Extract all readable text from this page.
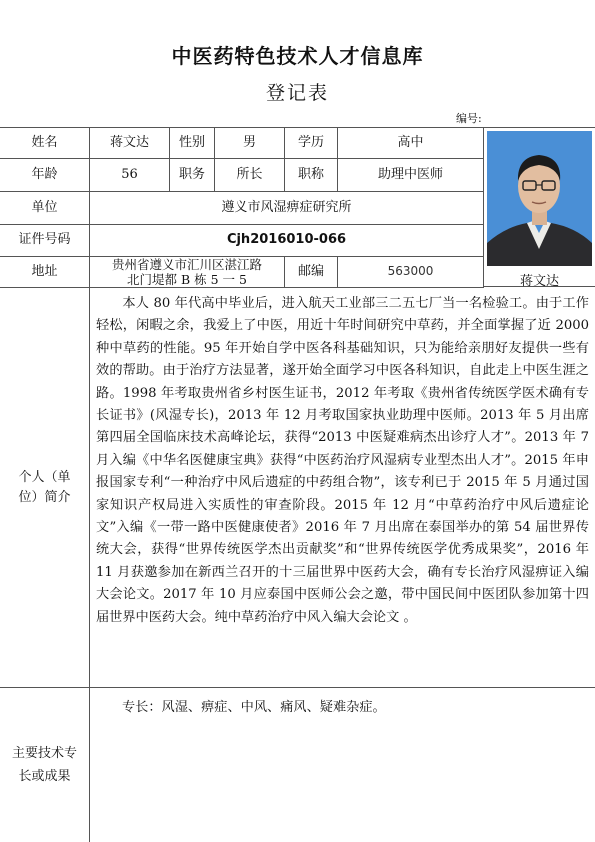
中医药特色技术人才信息库
登记表
编号:
姓名	蒋文达	性别	男	学历	高中
年龄	56	职务	所长	职称	助理中医师
单位	遵义市风湿痹症研究所
证件号码	Cjh2016010-066
地址	贵州省遵义市汇川区湛江路
北门堤都 B 栋 5 一 5
邮编	563000
蒋文达
个人（单位）简介
本人 80 年代高中毕业后，进入航天工业部三二五七厂当一名检验工。由于工作轻松，闲暇之余，我爱上了中医，用近十年时间研究中草药，并全面掌握了近 2000 种中草药的性能。95 年开始自学中医各科基础知识，只为能给亲朋好友提供一些有效的帮助。由于治疗方法显著，遂开始全面学习中医各科知识，自此走上中医生涯之路。1998 年考取贵州省乡村医生证书，2012 年考取《贵州省传统医学医术确有专长证书》(风湿专长)，2013 年 12 月考取国家执业助理中医师。2013 年 5 月出席第四届全国临床技术高峰论坛，获得“2013 中医疑难病杰出诊疗人才”。2013 年 7 月入编《中华名医健康宝典》获得“中医药治疗风湿病专业型杰出人才”。2015 年申报国家专利“一种治疗中风后遗症的中药组合物”，该专利已于 2015 年 5 月通过国家知识产权局进入实质性的审查阶段。2015 年 12 月“中草药治疗中风后遗症论文”入编《一带一路中医健康使者》2016 年 7 月出席在泰国举办的第 54 届世界传统大会，获得“世界传统医学杰出贡献奖”和“世界传统医学优秀成果奖”，2016 年 11 月获邀参加在新西兰召开的十三届世界中医药大会，确有专长治疗风湿痹证入编大会论文。2017 年 10 月应泰国中医师公会之邀，带中国民间中医团队参加第十四届世界中医药大会。纯中草药治疗中风入编大会论文 。
主要技术专长或成果
专长：风湿、痹症、中风、痛风、疑难杂症。
